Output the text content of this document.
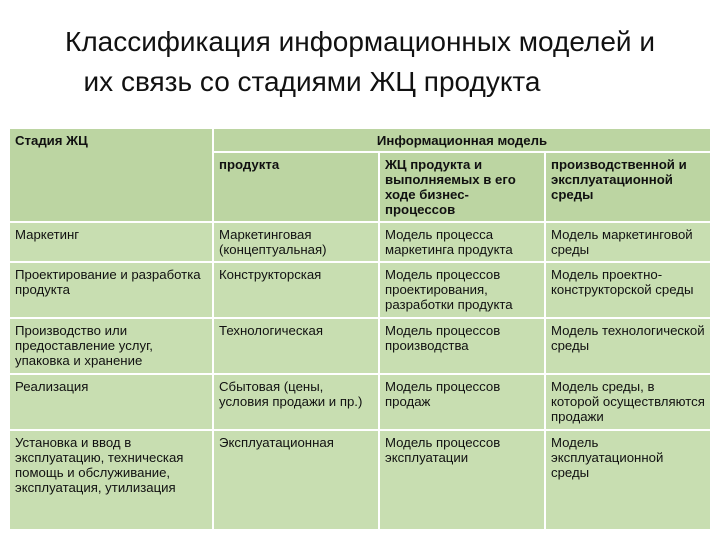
Классификация информационных моделей и
их связь со стадиями ЖЦ продукта
Стадия ЖЦ	Информационная модель		
	продукта	ЖЦ продукта и выполняемых в его ходе бизнес-процессов	производственной и эксплуатационной среды
Маркетинг	Маркетинговая (концептуальная)	Модель процесса маркетинга продукта	Модель маркетинговой среды
Проектирование и разработка продукта	Конструкторская	Модель процессов проектирования, разработки продукта	Модель проектно-конструкторской среды
Производство или предоставление услуг, упаковка и хранение	Технологическая	Модель процессов производства	Модель технологической среды
Реализация	Сбытовая (цены, условия продажи и пр.)	Модель процессов продаж	Модель среды, в которой осуществляются продажи
Установка и ввод в эксплуатацию, техническая помощь и обслуживание, эксплуатация, утилизация	Эксплуатационная	Модель процессов эксплуатации	Модель эксплуатационной среды
